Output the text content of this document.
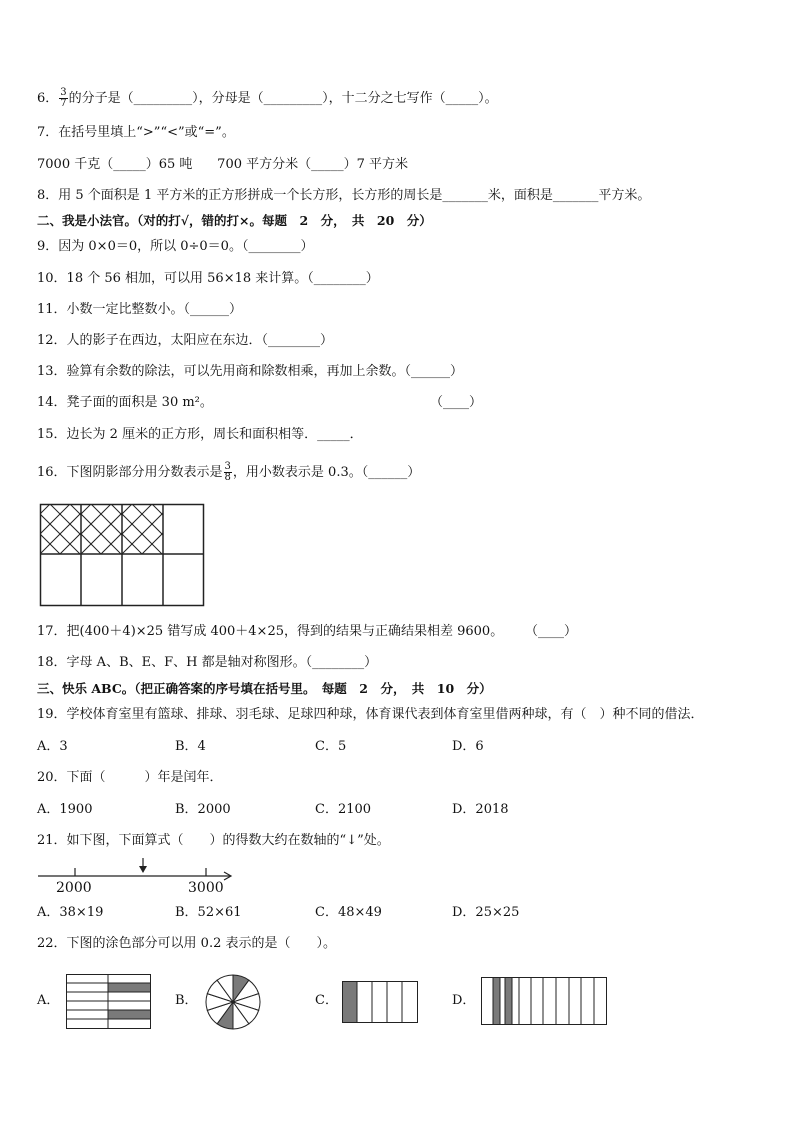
6． $\frac{3}{7}$ 的分子是（_________），分母是（_________），十二分之七写作（_____）。
7．在括号里填上“>”“<”或“=”。
7000 千克（_____）65 吨      700 平方分米（_____）7 平方米
8．用 5 个面积是 1 平方米的正方形拼成一个长方形，长方形的周长是_______米，面积是_______平方米。
二、我是小法官。（对的打√，错的打×。每题　2　分，　共　20　分）
9．因为 0×0＝0，所以 0÷0＝0。（________）
10．18 个 56 相加，可以用 56×18 来计算。（________）
11．小数一定比整数小。（______）
12．人的影子在西边，太阳应在东边．（________）
13．验算有余数的除法，可以先用商和除数相乘，再加上余数。（______）
14．凳子面的面积是 30 m²。	（____）
15．边长为 2 厘米的正方形，周长和面积相等．_____．
16．下图阴影部分用分数表示是 $\frac{3}{8}$ ，用小数表示是 0.3。（______）
17．把(400＋4)×25 错写成 400＋4×25，得到的结果与正确结果相差 9600。 （____）
18．字母 A、B、E、F、H 都是轴对称图形。（________）
三、快乐 ABC。（把正确答案的序号填在括号里。　每题　2　分，　共　10　分）
19．学校体育室里有篮球、排球、羽毛球、足球四种球，体育课代表到体育室里借两种球，有（　）种不同的借法．
A．3	B．4	C．5	D．6
20．下面（　　　）年是闰年．
A．1900	B．2000	C．2100	D．2018
21．如下图，下面算式（　　）的得数大约在数轴的“↓”处。
2000	3000
A．38×19	B．52×61	C．48×49	D．25×25
22．下图的涂色部分可以用 0.2 表示的是（　　）。
A．	B．	C．	D．
